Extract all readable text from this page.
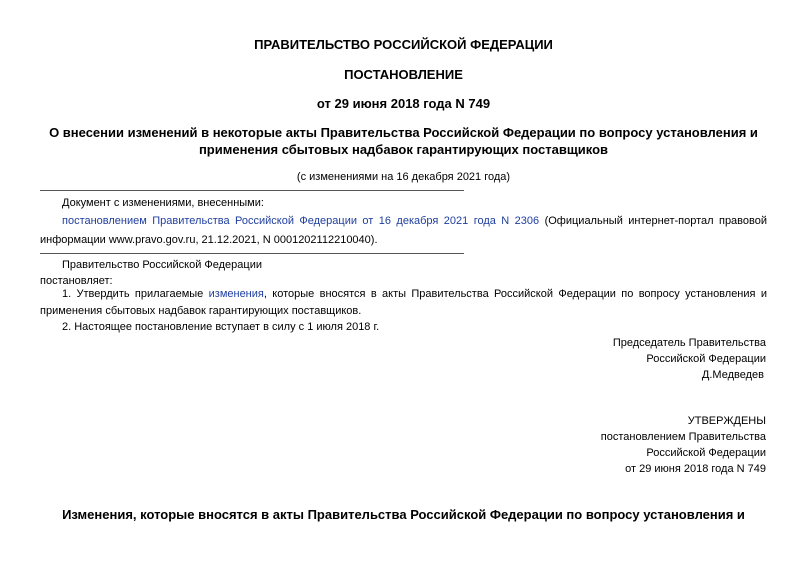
ПРАВИТЕЛЬСТВО РОССИЙСКОЙ ФЕДЕРАЦИИ
ПОСТАНОВЛЕНИЕ
от 29 июня 2018 года N 749
О внесении изменений в некоторые акты Правительства Российской Федерации по вопросу установления и применения сбытовых надбавок гарантирующих поставщиков
(с изменениями на 16 декабря 2021 года)
Документ с изменениями, внесенными:
постановлением Правительства Российской Федерации от 16 декабря 2021 года N 2306 (Официальный интернет-портал правовой информации www.pravo.gov.ru, 21.12.2021, N 0001202112210040).
Правительство Российской Федерации
постановляет:
1. Утвердить прилагаемые изменения, которые вносятся в акты Правительства Российской Федерации по вопросу установления и применения сбытовых надбавок гарантирующих поставщиков.
2. Настоящее постановление вступает в силу с 1 июля 2018 г.
Председатель Правительства
Российской Федерации
Д.Медведев
УТВЕРЖДЕНЫ
постановлением Правительства
Российской Федерации
от 29 июня 2018 года N 749
Изменения, которые вносятся в акты Правительства Российской Федерации по вопросу установления и
